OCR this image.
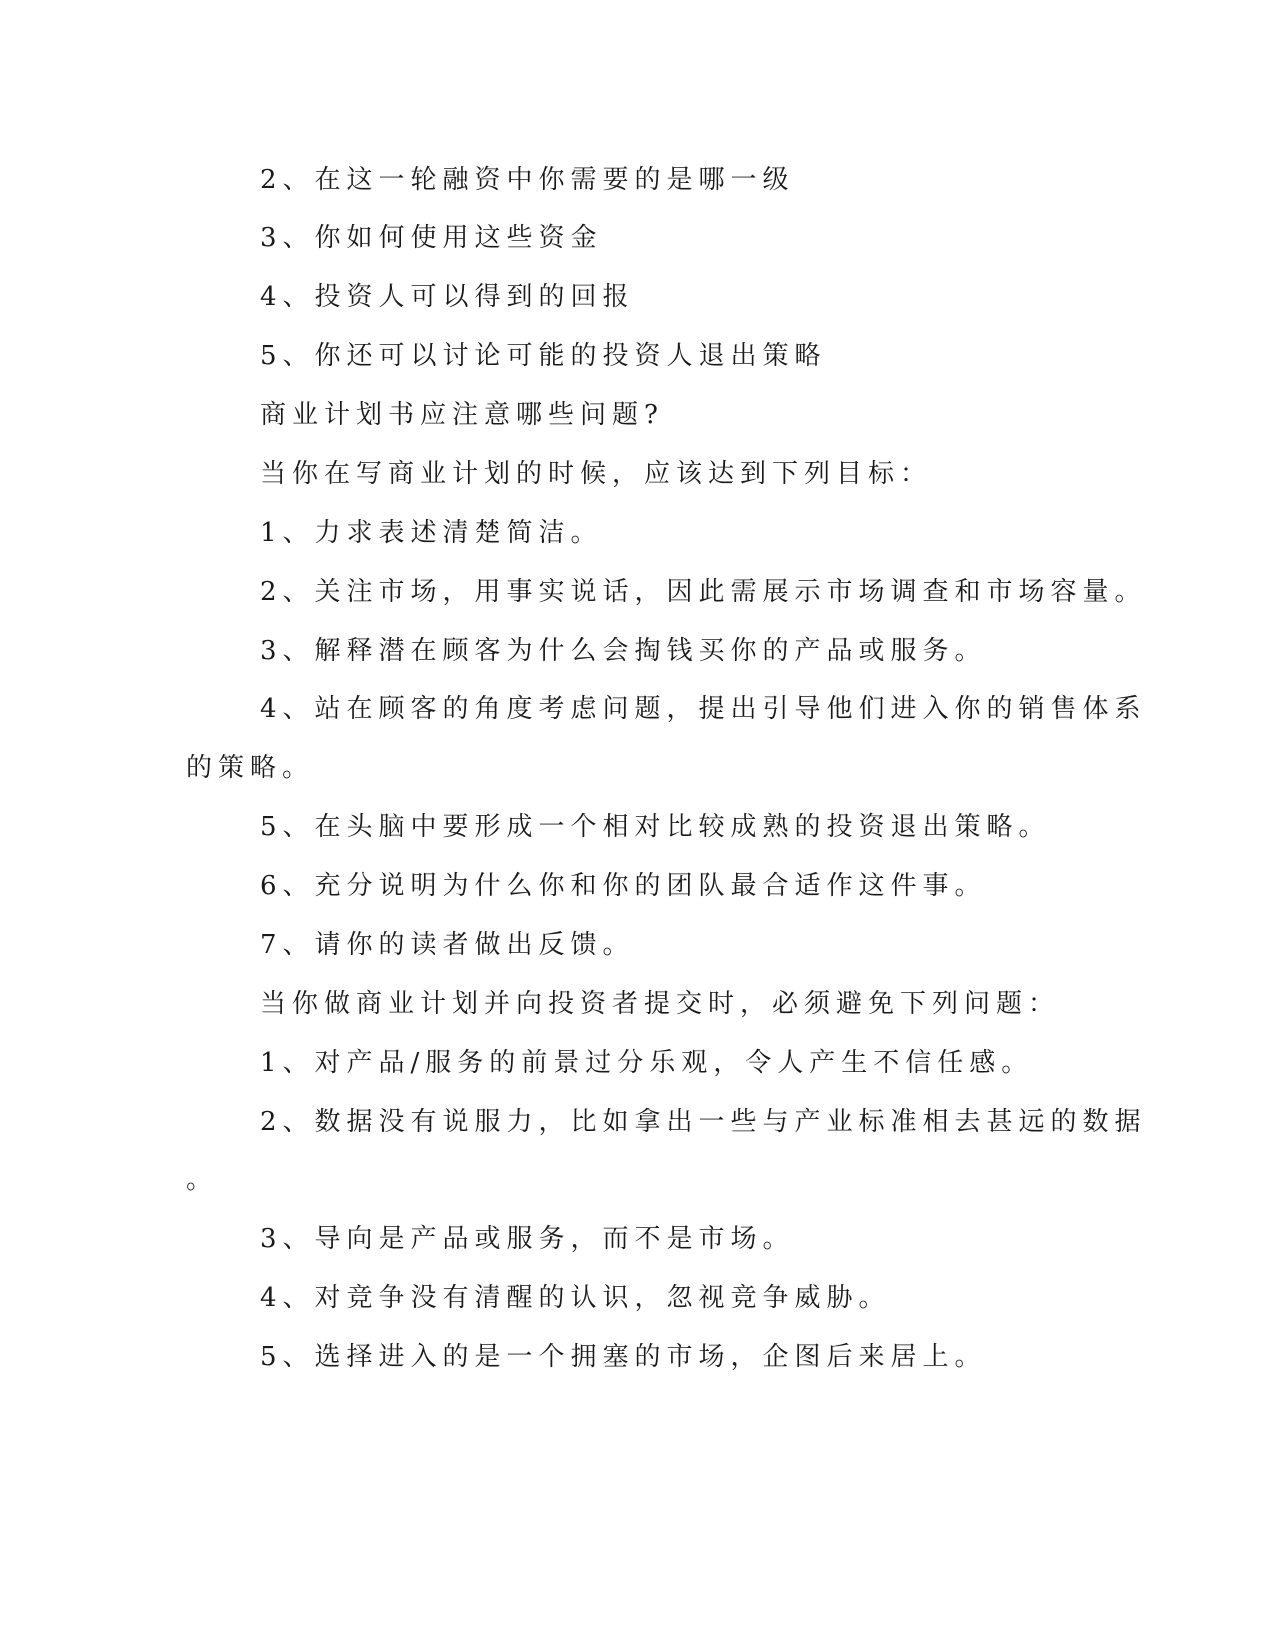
2、在这一轮融资中你需要的是哪一级

3、你如何使用这些资金

4、投资人可以得到的回报

5、你还可以讨论可能的投资人退出策略

商业计划书应注意哪些问题?

当你在写商业计划的时候，应该达到下列目标：

1、力求表述清楚简洁。

2、关注市场，用事实说话，因此需展示市场调查和市场容量。

3、解释潜在顾客为什么会掏钱买你的产品或服务。

4、站在顾客的角度考虑问题，提出引导他们进入你的销售体系

的策略。

5、在头脑中要形成一个相对比较成熟的投资退出策略。

6、充分说明为什么你和你的团队最合适作这件事。

7、请你的读者做出反馈。

当你做商业计划并向投资者提交时，必须避免下列问题：

1、对产品/服务的前景过分乐观，令人产生不信任感。

2、数据没有说服力，比如拿出一些与产业标准相去甚远的数据

。

3、导向是产品或服务，而不是市场。

4、对竞争没有清醒的认识，忽视竞争威胁。

5、选择进入的是一个拥塞的市场，企图后来居上。
